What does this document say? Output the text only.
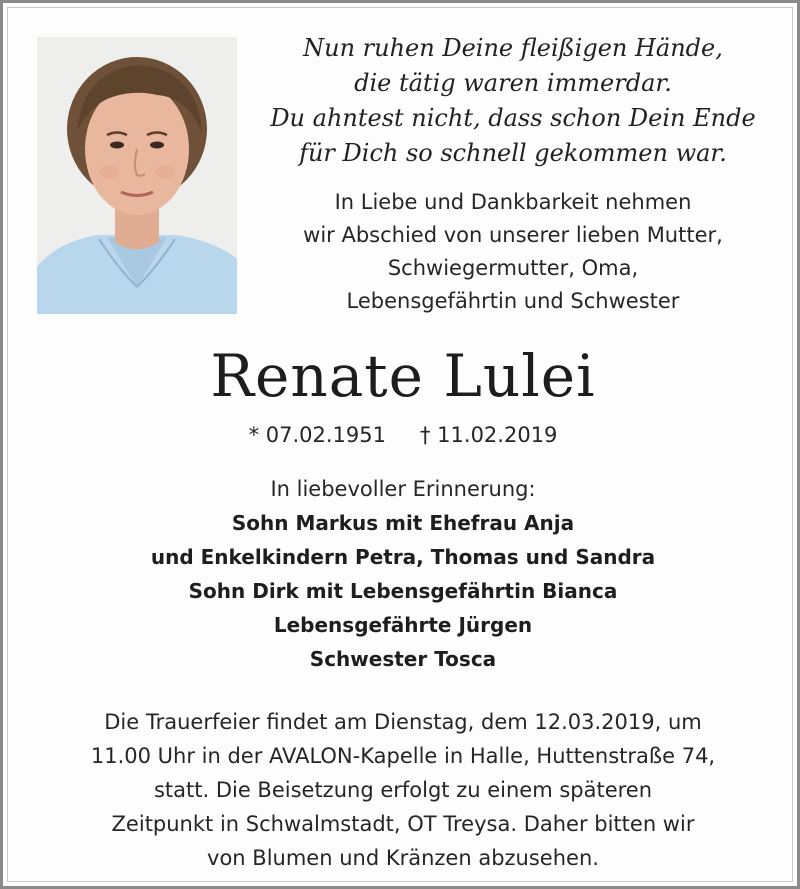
Nun ruhen Deine fleißigen Hände,
die tätig waren immerdar.
Du ahntest nicht, dass schon Dein Ende
für Dich so schnell gekommen war.
In Liebe und Dankbarkeit nehmen
wir Abschied von unserer lieben Mutter,
Schwiegermutter, Oma,
Lebensgefährtin und Schwester
Renate Lulei
* 07.02.1951 † 11.02.2019
In liebevoller Erinnerung:
Sohn Markus mit Ehefrau Anja
und Enkelkindern Petra, Thomas und Sandra
Sohn Dirk mit Lebensgefährtin Bianca
Lebensgefährte Jürgen
Schwester Tosca
Die Trauerfeier findet am Dienstag, dem 12.03.2019, um
11.00 Uhr in der AVALON-Kapelle in Halle, Huttenstraße 74,
statt. Die Beisetzung erfolgt zu einem späteren
Zeitpunkt in Schwalmstadt, OT Treysa. Daher bitten wir
von Blumen und Kränzen abzusehen.
